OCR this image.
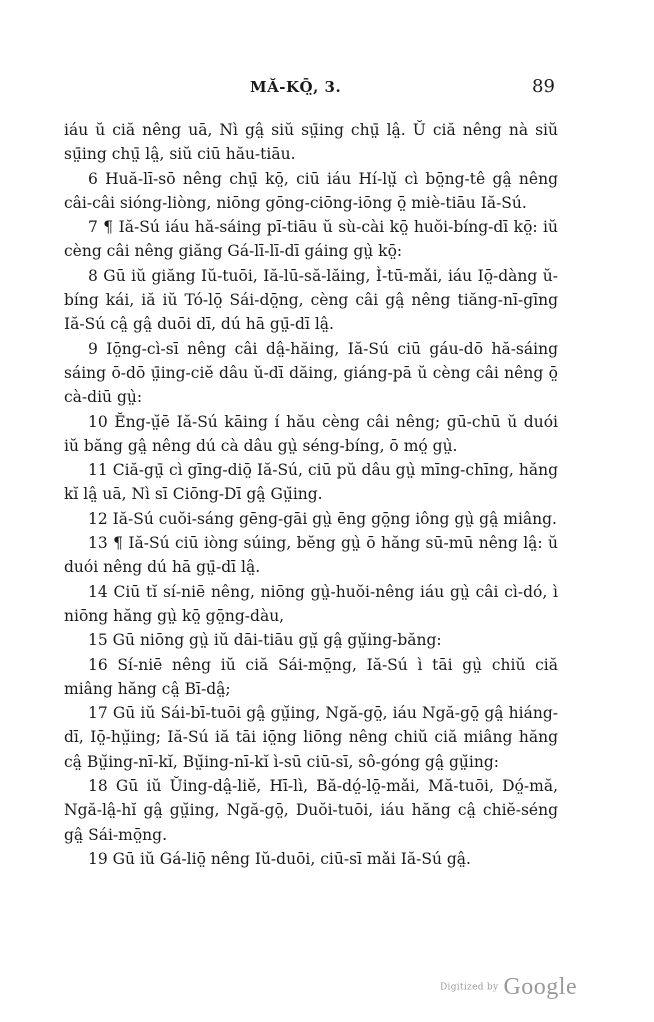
MĂ-KŌ̤, 3.	89

iáu ŭ ciă nêng uā, Nì gâ̤ siŭ sṳ̄ing chṳ̄ lâ̤. Ŭ ciă nêng nà siŭ sṳ̄ing chṳ̄ lâ̤, siŭ ciū hău-tiāu.

6 Huă-lī-sō nêng chṳ̄ kō̤, ciū iáu Hí-lṳ̆ cì bō̤ng-tê gâ̤ nêng câi-câi sióng-liòng, niōng gōng-ciōng-iōng ō̤ miè-tiāu Iă-Sú.

7 ¶ Iă-Sú iáu hă-sáing pī-tiāu ŭ sù-cài kō̤ huŏi-bíng-dī kō̤: iŭ cèng câi nêng giăng Gá-lī-lī-dī gáing gṳ̀ kō̤:

8 Gū iŭ giăng Iŭ-tuōi, Iă-lū-să-lăing, Ì-tū-mǎi, iáu Iō̤-dàng ŭ-bíng kái, iă iŭ Tó-lō̤ Sái-dō̤ng, cèng câi gâ̤ nêng tiăng-nī-gīng Iă-Sú câ̤ gâ̤ duōi dī, dú hā gṳ̄-dī lâ̤.

9 Iō̤ng-cì-sī nêng câi dâ̤-hăing, Iă-Sú ciū gáu-dō hă-sáing sáing ō-dō ṳ̄ing-ciĕ dâu ŭ-dī dăing, giáng-pā ŭ cèng câi nêng ō̤ cà-diū gṳ̀:

10 Ĕng-ṳ̆ē Iă-Sú kāing í hău cèng câi nêng; gū-chū ŭ duói iŭ băng gâ̤ nêng dú cà dâu gṳ̀ séng-bíng, ō mó̤ gṳ̀.

11 Ciă-gṳ̄ cì gīng-diō̤ Iă-Sú, ciū pŭ dâu gṳ̀ mīng-chīng, hăng kĭ lâ̤ uā, Nì sī Ciōng-Dī gâ̤ Gṳ̆ing.

12 Iă-Sú cuŏi-sáng gēng-gāi gṳ̀ ēng gō̤ng iông gṳ̀ gâ̤ miâng.

13 ¶ Iă-Sú ciū iòng súing, bĕng gṳ̀ ō hăng sū-mū nêng lâ̤: ŭ duói nêng dú hā gṳ̄-dī lâ̤.

14 Ciū tĭ sí-niē nêng, niōng gṳ̀-huŏi-nêng iáu gṳ̀ câi cì-dó, ì niōng hăng gṳ̀ kō̤ gō̤ng-dàu,

15 Gū niōng gṳ̀ iŭ dāi-tiāu gṳ̆ gâ̤ gṳ̆ing-băng:

16 Sí-niē nêng iŭ ciă Sái-mō̤ng, Iă-Sú ì tāi gṳ̀ chiŭ ciă miâng hăng câ̤ Bī-dâ̤;

17 Gū iŭ Sái-bī-tuōi gâ̤ gṳ̆ing, Ngă-gō̤, iáu Ngă-gō̤ gâ̤ hiáng-dī, Iō̤-hṳ̆ing; Iă-Sú iă tāi iō̤ng liōng nêng chiŭ ciă miâng hăng câ̤ Bṳ̆ing-nī-kĭ, Bṳ̆ing-nī-kĭ ì-sū ciū-sī, sô-góng gâ̤ gṳ̆ing:

18 Gū iŭ Ŭing-dâ̤-liĕ, Hī-lì, Bă-dó̤-lō̤-mǎi, Mă-tuōi, Dó̤-mă, Ngă-lâ̤-hĭ gâ̤ gṳ̆ing, Ngă-gō̤, Duŏi-tuōi, iáu hăng câ̤ chiĕ-séng gâ̤ Sái-mō̤ng.

19 Gū iŭ Gá-liō̤ nêng Iŭ-duōi, ciū-sī mǎi Iă-Sú gâ̤.

Digitized by Google
